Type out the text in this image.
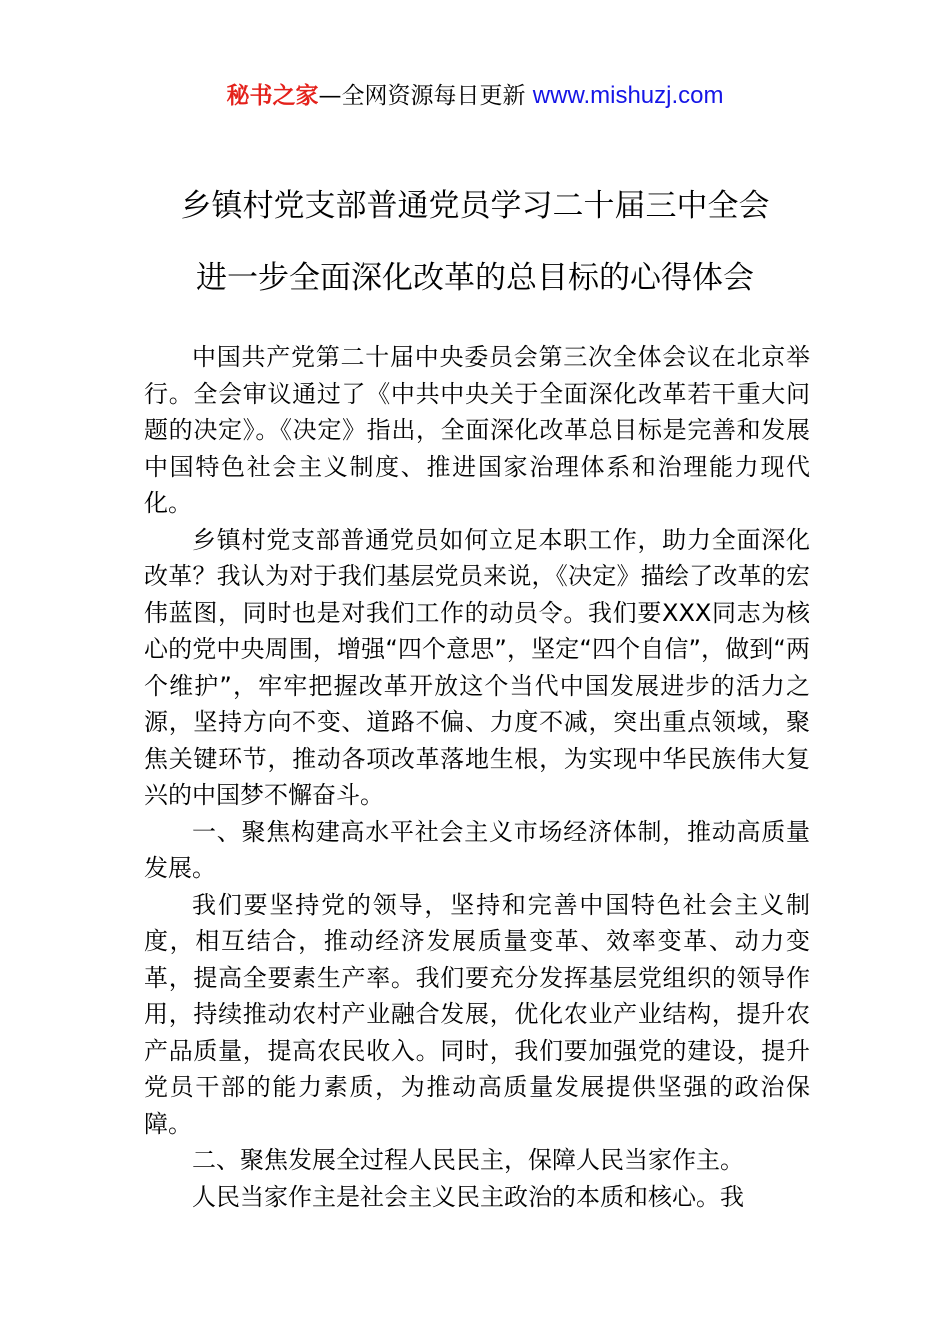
秘书之家—全网资源每日更新 www.mishuzj.com
乡镇村党支部普通党员学习二十届三中全会
进一步全面深化改革的总目标的心得体会

中国共产党第二十届中央委员会第三次全体会议在北京举行。全会审议通过了《中共中央关于全面深化改革若干重大问题的决定》。《决定》指出，全面深化改革总目标是完善和发展中国特色社会主义制度、推进国家治理体系和治理能力现代化。

乡镇村党支部普通党员如何立足本职工作，助力全面深化改革？我认为对于我们基层党员来说，《决定》描绘了改革的宏伟蓝图，同时也是对我们工作的动员令。我们要XXX同志为核心的党中央周围，增强“四个意思”，坚定“四个自信”，做到“两个维护”，牢牢把握改革开放这个当代中国发展进步的活力之源，坚持方向不变、道路不偏、力度不减，突出重点领域，聚焦关键环节，推动各项改革落地生根，为实现中华民族伟大复兴的中国梦不懈奋斗。

一、聚焦构建高水平社会主义市场经济体制，推动高质量发展。

我们要坚持党的领导，坚持和完善中国特色社会主义制度，相互结合，推动经济发展质量变革、效率变革、动力变革，提高全要素生产率。我们要充分发挥基层党组织的领导作用，持续推动农村产业融合发展，优化农业产业结构，提升农产品质量，提高农民收入。同时，我们要加强党的建设，提升党员干部的能力素质，为推动高质量发展提供坚强的政治保障。

二、聚焦发展全过程人民民主，保障人民当家作主。

人民当家作主是社会主义民主政治的本质和核心。我
